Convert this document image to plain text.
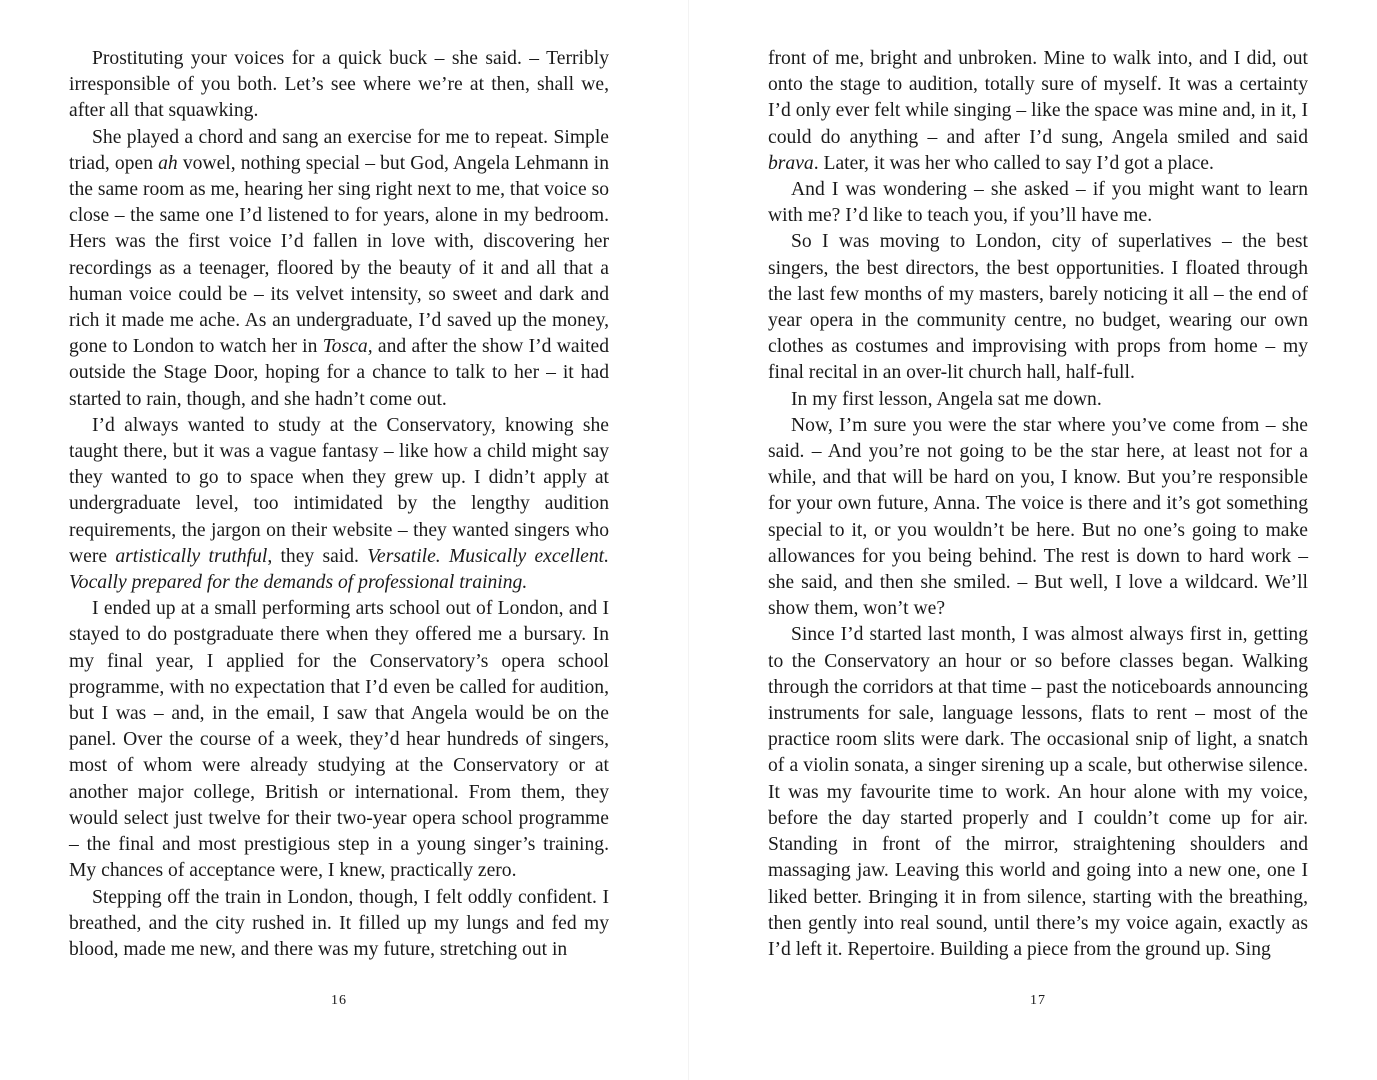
Prostituting your voices for a quick buck – she said. – Terribly irresponsible of you both. Let’s see where we’re at then, shall we, after all that squawking.

She played a chord and sang an exercise for me to repeat. Simple triad, open ah vowel, nothing special – but God, Angela Lehmann in the same room as me, hearing her sing right next to me, that voice so close – the same one I’d listened to for years, alone in my bedroom. Hers was the first voice I’d fallen in love with, discovering her recordings as a teenager, floored by the beauty of it and all that a human voice could be – its velvet intensity, so sweet and dark and rich it made me ache. As an undergraduate, I’d saved up the money, gone to London to watch her in Tosca, and after the show I’d waited outside the Stage Door, hoping for a chance to talk to her – it had started to rain, though, and she hadn’t come out.

I’d always wanted to study at the Conservatory, knowing she taught there, but it was a vague fantasy – like how a child might say they wanted to go to space when they grew up. I didn’t apply at undergraduate level, too intimidated by the lengthy audition requirements, the jargon on their website – they wanted singers who were artistically truthful, they said. Versatile. Musically excellent. Vocally prepared for the demands of professional training.

I ended up at a small performing arts school out of London, and I stayed to do postgraduate there when they offered me a bursary. In my final year, I applied for the Conservatory’s opera school programme, with no expectation that I’d even be called for audition, but I was – and, in the email, I saw that Angela would be on the panel. Over the course of a week, they’d hear hundreds of singers, most of whom were already studying at the Conservatory or at another major college, British or international. From them, they would select just twelve for their two-year opera school programme – the final and most prestigious step in a young singer’s training. My chances of acceptance were, I knew, practically zero.

Stepping off the train in London, though, I felt oddly confident. I breathed, and the city rushed in. It filled up my lungs and fed my blood, made me new, and there was my future, stretching out in

front of me, bright and unbroken. Mine to walk into, and I did, out onto the stage to audition, totally sure of myself. It was a certainty I’d only ever felt while singing – like the space was mine and, in it, I could do anything – and after I’d sung, Angela smiled and said brava. Later, it was her who called to say I’d got a place.

And I was wondering – she asked – if you might want to learn with me? I’d like to teach you, if you’ll have me.

So I was moving to London, city of superlatives – the best singers, the best directors, the best opportunities. I floated through the last few months of my masters, barely noticing it all – the end of year opera in the community centre, no budget, wearing our own clothes as costumes and improvising with props from home – my final recital in an over-lit church hall, half-full.

In my first lesson, Angela sat me down.

Now, I’m sure you were the star where you’ve come from – she said. – And you’re not going to be the star here, at least not for a while, and that will be hard on you, I know. But you’re responsible for your own future, Anna. The voice is there and it’s got something special to it, or you wouldn’t be here. But no one’s going to make allowances for you being behind. The rest is down to hard work – she said, and then she smiled. – But well, I love a wildcard. We’ll show them, won’t we?

Since I’d started last month, I was almost always first in, getting to the Conservatory an hour or so before classes began. Walking through the corridors at that time – past the noticeboards announcing instruments for sale, language lessons, flats to rent – most of the practice room slits were dark. The occasional snip of light, a snatch of a violin sonata, a singer sirening up a scale, but otherwise silence. It was my favourite time to work. An hour alone with my voice, before the day started properly and I couldn’t come up for air. Standing in front of the mirror, straightening shoulders and massaging jaw. Leaving this world and going into a new one, one I liked better. Bringing it in from silence, starting with the breathing, then gently into real sound, until there’s my voice again, exactly as I’d left it. Repertoire. Building a piece from the ground up. Sing

16	17
